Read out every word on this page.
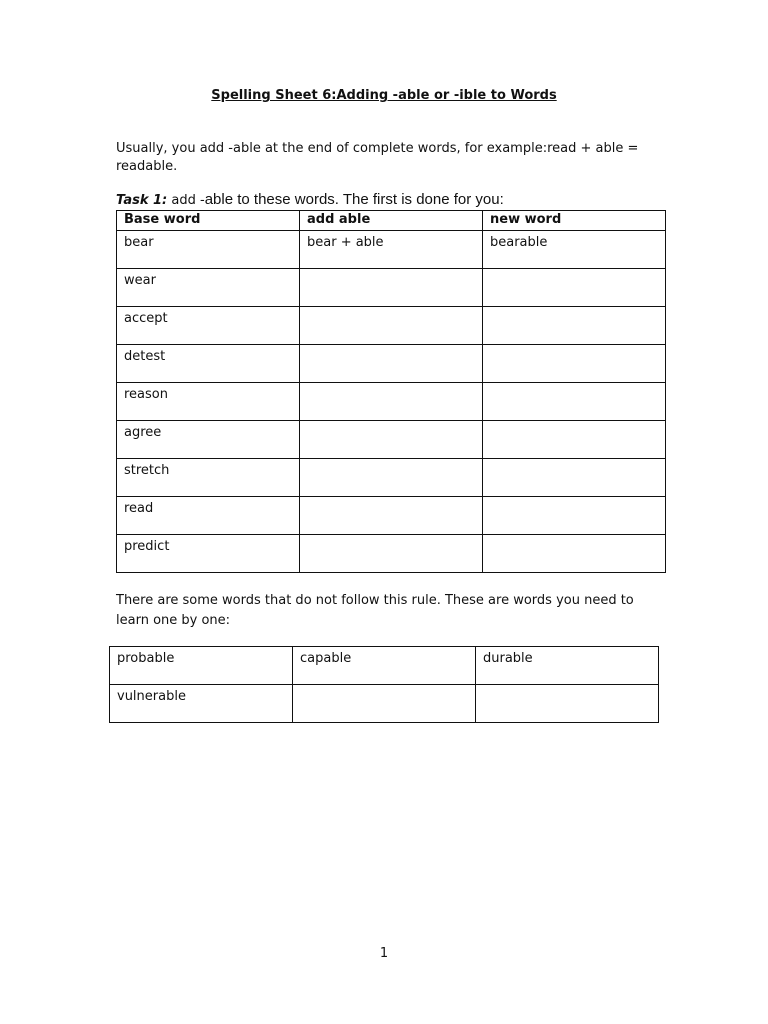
Spelling Sheet 6:Adding -able or -ible to Words
Usually, you add -able at the end of complete words, for example:read + able = readable.
Task 1: add -able to these words. The first is done for you:
Base word	add able	new word
bear	bear + able	bearable
wear		
accept		
detest		
reason		
agree		
stretch		
read		
predict		
There are some words that do not follow this rule. These are words you need to learn one by one:
probable	capable	durable
vulnerable		
1
